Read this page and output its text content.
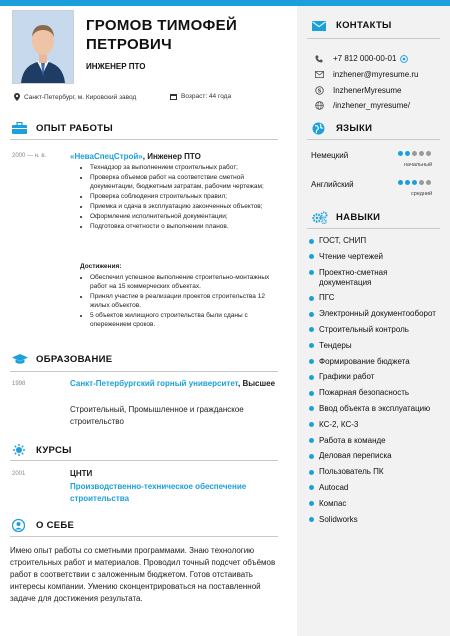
ГРОМОВ ТИМОФЕЙ ПЕТРОВИЧ
ИНЖЕНЕР ПТО
Санкт-Петербург, м. Кировский завод	Возраст: 44 года
ОПЫТ РАБОТЫ
2000 — н. в.	«НеваСпецСтрой», Инженер ПТО
• Технадзор за выполнением строительных работ;
• Проверка объемов работ на соответствие сметной документации, бюджетным затратам, рабочим чертежам;
• Проверка соблюдения строительных правил;
• Приемка и сдача в эксплуатацию законченных объектов;
• Оформление исполнительной документации;
• Подготовка отчетности о выполнении планов.
Достижения:
• Обеспечил успешное выполнение строительно-монтажных работ на 15 коммерческих объектах.
• Принял участие в реализации проектов строительства 12 жилых объектов.
• 5 объектов жилищного строительства были сданы с опережением сроков.
ОБРАЗОВАНИЕ
1998	Санкт-Петербургский горный университет, Высшее
Строительный, Промышленное и гражданское строительство
КУРСЫ
2001	ЦНТИ
Производственно-техническое обеспечение строительства
О СЕБЕ
Имею опыт работы со сметными программами. Знаю технологию строительных работ и материалов. Проводил точный подсчет объёмов работ в соответствии с заложенным бюджетом. Готов отстаивать интересы компании. Умению сконцентрироваться на поставленной задаче для достижения результата.
КОНТАКТЫ
+7 812 000-00-01
inzhener@myresume.ru
S InzhenerMyresume
/inzhener_myresume/
ЯЗЫКИ
Немецкий
начальный
Английский
средний
НАВЫКИ
ГОСТ, СНИП
Чтение чертежей
Проектно-сметная документация
ПГС
Электронный документооборот
Строительный контроль
Тендеры
Формирование бюджета
Графики работ
Пожарная безопасность
Ввод объекта в эксплуатацию
КС-2, КС-3
Работа в команде
Деловая переписка
Пользователь ПК
Autocad
Компас
Solidworks
